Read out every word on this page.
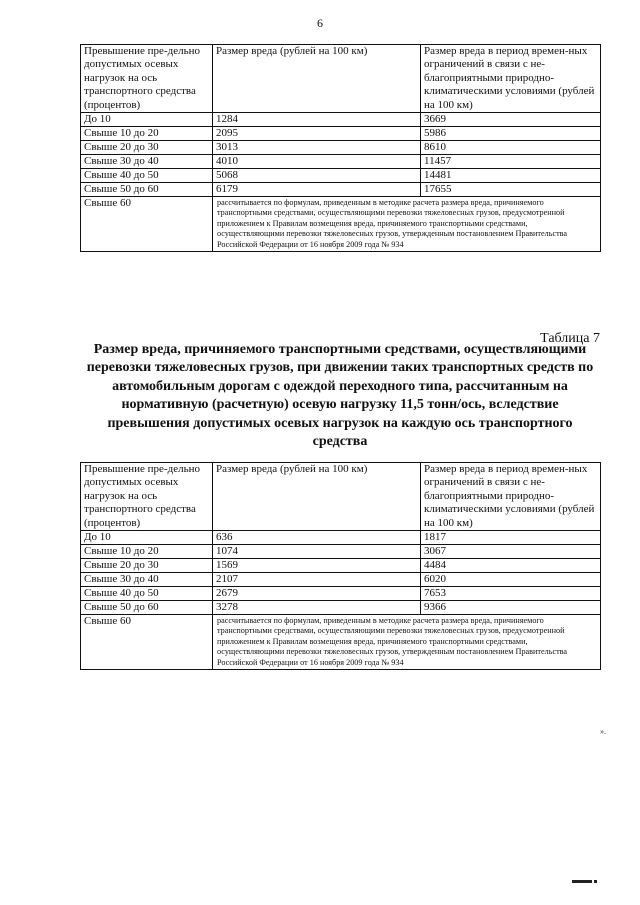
6
Превышение пре-дельно допустимых осевых нагрузок на ось транспортного средства (процентов)	Размер вреда (рублей на 100 км)	Размер вреда в период времен-ных ограничений в связи с не-благоприятными природно-климатическими условиями (рублей на 100 км)
До 10	1284	3669
Свыше 10 до 20	2095	5986
Свыше 20 до 30	3013	8610
Свыше 30 до 40	4010	11457
Свыше 40 до 50	5068	14481
Свыше 50 до 60	6179	17655
Свыше 60	рассчитывается по формулам, приведенным в методике расчета размера вреда, причиняемого транспортными средствами, осуществляющими перевозки тяжеловесных грузов, предусмотренной приложением к Правилам возмещения вреда, причиняемого транспортными средствами, осуществляющими перевозки тяжеловесных грузов, утвержденным постановлением Правительства Российской Федерации от 16 ноября 2009 года № 934	
Таблица 7
Размер вреда, причиняемого транспортными средствами, осуществляющими перевозки тяжеловесных грузов, при движении таких транспортных средств по автомобильным дорогам с одеждой переходного типа, рассчитанным на нормативную (расчетную) осевую нагрузку 11,5 тонн/ось, вследствие превышения допустимых осевых нагрузок на каждую ось транспортного средства
Превышение пре-дельно допустимых осевых нагрузок на ось транспортного средства (процентов)	Размер вреда (рублей на 100 км)	Размер вреда в период времен-ных ограничений в связи с не-благоприятными природно-климатическими условиями (рублей на 100 км)
До 10	636	1817
Свыше 10 до 20	1074	3067
Свыше 20 до 30	1569	4484
Свыше 30 до 40	2107	6020
Свыше 40 до 50	2679	7653
Свыше 50 до 60	3278	9366
Свыше 60	рассчитывается по формулам, приведенным в методике расчета размера вреда, причиняемого транспортными средствами, осуществляющими перевозки тяжеловесных грузов, предусмотренной приложением к Правилам возмещения вреда, причиняемого транспортными средствами, осуществляющими перевозки тяжеловесных грузов, утвержденным постановлением Правительства Российской Федерации от 16 ноября 2009 года № 934	
».
